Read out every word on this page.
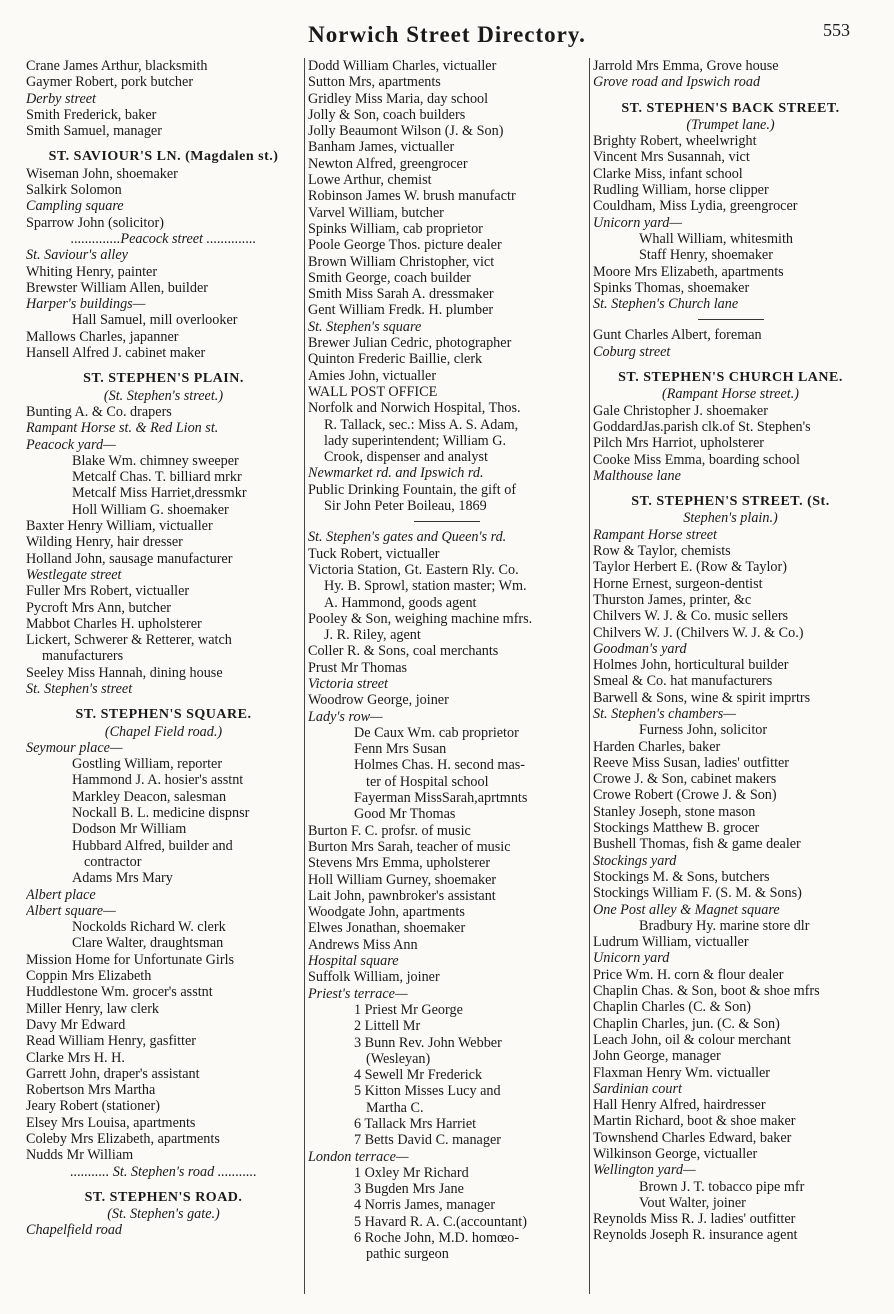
Norwich Street Directory.	553
Crane James Arthur, blacksmith
Gaymer Robert, pork butcher
Derby street
Smith Frederick, baker
Smith Samuel, manager
ST. SAVIOUR'S LN. (Magdalen st.)
Wiseman John, shoemaker
Salkirk Solomon
Campling square
Sparrow John (solicitor)
..............Peacock street ..............
St. Saviour's alley
Whiting Henry, painter
Brewster William Allen, builder
Harper's buildings—
Hall Samuel, mill overlooker
Mallows Charles, japanner
Hansell Alfred J. cabinet maker
ST. STEPHEN'S PLAIN.
(St. Stephen's street.)
Bunting A. & Co. drapers
Rampant Horse st. & Red Lion st.
Peacock yard—
Blake Wm. chimney sweeper
Metcalf Chas. T. billiard mrkr
Metcalf Miss Harriet,dressmkr
Holl William G. shoemaker
Baxter Henry William, victualler
Wilding Henry, hair dresser
Holland John, sausage manufacturer
Westlegate street
Fuller Mrs Robert, victualler
Pycroft Mrs Ann, butcher
Mabbot Charles H. upholsterer
Lickert, Schwerer & Retterer, watch
manufacturers
Seeley Miss Hannah, dining house
St. Stephen's street
ST. STEPHEN'S SQUARE.
(Chapel Field road.)
Seymour place—
Gostling William, reporter
Hammond J. A. hosier's asstnt
Markley Deacon, salesman
Nockall B. L. medicine dispnsr
Dodson Mr William
Hubbard Alfred, builder and
contractor
Adams Mrs Mary
Albert place
Albert square—
Nockolds Richard W. clerk
Clare Walter, draughtsman
Mission Home for Unfortunate Girls
Coppin Mrs Elizabeth
Huddlestone Wm. grocer's asstnt
Miller Henry, law clerk
Davy Mr Edward
Read William Henry, gasfitter
Clarke Mrs H. H.
Garrett John, draper's assistant
Robertson Mrs Martha
Jeary Robert (stationer)
Elsey Mrs Louisa, apartments
Coleby Mrs Elizabeth, apartments
Nudds Mr William
........... St. Stephen's road ...........
ST. STEPHEN'S ROAD.
(St. Stephen's gate.)
Chapelfield road
Dodd William Charles, victualler
Sutton Mrs, apartments
Gridley Miss Maria, day school
Jolly & Son, coach builders
Jolly Beaumont Wilson (J. & Son)
Banham James, victualler
Newton Alfred, greengrocer
Lowe Arthur, chemist
Robinson James W. brush manufactr
Varvel William, butcher
Spinks William, cab proprietor
Poole George Thos. picture dealer
Brown William Christopher, vict
Smith George, coach builder
Smith Miss Sarah A. dressmaker
Gent William Fredk. H. plumber
St. Stephen's square
Brewer Julian Cedric, photographer
Quinton Frederic Baillie, clerk
Amies John, victualler
WALL POST OFFICE
Norfolk and Norwich Hospital, Thos.
R. Tallack, sec.: Miss A. S. Adam,
lady superintendent; William G.
Crook, dispenser and analyst
Newmarket rd. and Ipswich rd.
Public Drinking Fountain, the gift of
Sir John Peter Boileau, 1869
St. Stephen's gates and Queen's rd.
Tuck Robert, victualler
Victoria Station, Gt. Eastern Rly. Co.
Hy. B. Sprowl, station master; Wm.
A. Hammond, goods agent
Pooley & Son, weighing machine mfrs.
J. R. Riley, agent
Coller R. & Sons, coal merchants
Prust Mr Thomas
Victoria street
Woodrow George, joiner
Lady's row—
De Caux Wm. cab proprietor
Fenn Mrs Susan
Holmes Chas. H. second mas-
ter of Hospital school
Fayerman MissSarah,aprtmnts
Good Mr Thomas
Burton F. C. profsr. of music
Burton Mrs Sarah, teacher of music
Stevens Mrs Emma, upholsterer
Holl William Gurney, shoemaker
Lait John, pawnbroker's assistant
Woodgate John, apartments
Elwes Jonathan, shoemaker
Andrews Miss Ann
Hospital square
Suffolk William, joiner
Priest's terrace—
1 Priest Mr George
2 Littell Mr
3 Bunn Rev. John Webber
(Wesleyan)
4 Sewell Mr Frederick
5 Kitton Misses Lucy and
Martha C.
6 Tallack Mrs Harriet
7 Betts David C. manager
London terrace—
1 Oxley Mr Richard
3 Bugden Mrs Jane
4 Norris James, manager
5 Havard R. A. C.(accountant)
6 Roche John, M.D. homœo-
pathic surgeon
Jarrold Mrs Emma, Grove house
Grove road and Ipswich road
ST. STEPHEN'S BACK STREET.
(Trumpet lane.)
Brighty Robert, wheelwright
Vincent Mrs Susannah, vict
Clarke Miss, infant school
Rudling William, horse clipper
Couldham, Miss Lydia, greengrocer
Unicorn yard—
Whall William, whitesmith
Staff Henry, shoemaker
Moore Mrs Elizabeth, apartments
Spinks Thomas, shoemaker
St. Stephen's Church lane
Gunt Charles Albert, foreman
Coburg street
ST. STEPHEN'S CHURCH LANE.
(Rampant Horse street.)
Gale Christopher J. shoemaker
GoddardJas.parish clk.of St. Stephen's
Pilch Mrs Harriot, upholsterer
Cooke Miss Emma, boarding school
Malthouse lane
ST. STEPHEN'S STREET. (St.
Stephen's plain.)
Rampant Horse street
Row & Taylor, chemists
Taylor Herbert E. (Row & Taylor)
Horne Ernest, surgeon-dentist
Thurston James, printer, &c
Chilvers W. J. & Co. music sellers
Chilvers W. J. (Chilvers W. J. & Co.)
Goodman's yard
Holmes John, horticultural builder
Smeal & Co. hat manufacturers
Barwell & Sons, wine & spirit imprtrs
St. Stephen's chambers—
Furness John, solicitor
Harden Charles, baker
Reeve Miss Susan, ladies' outfitter
Crowe J. & Son, cabinet makers
Crowe Robert (Crowe J. & Son)
Stanley Joseph, stone mason
Stockings Matthew B. grocer
Bushell Thomas, fish & game dealer
Stockings yard
Stockings M. & Sons, butchers
Stockings William F. (S. M. & Sons)
One Post alley & Magnet square
Bradbury Hy. marine store dlr
Ludrum William, victualler
Unicorn yard
Price Wm. H. corn & flour dealer
Chaplin Chas. & Son, boot & shoe mfrs
Chaplin Charles (C. & Son)
Chaplin Charles, jun. (C. & Son)
Leach John, oil & colour merchant
John George, manager
Flaxman Henry Wm. victualler
Sardinian court
Hall Henry Alfred, hairdresser
Martin Richard, boot & shoe maker
Townshend Charles Edward, baker
Wilkinson George, victualler
Wellington yard—
Brown J. T. tobacco pipe mfr
Vout Walter, joiner
Reynolds Miss R. J. ladies' outfitter
Reynolds Joseph R. insurance agent
